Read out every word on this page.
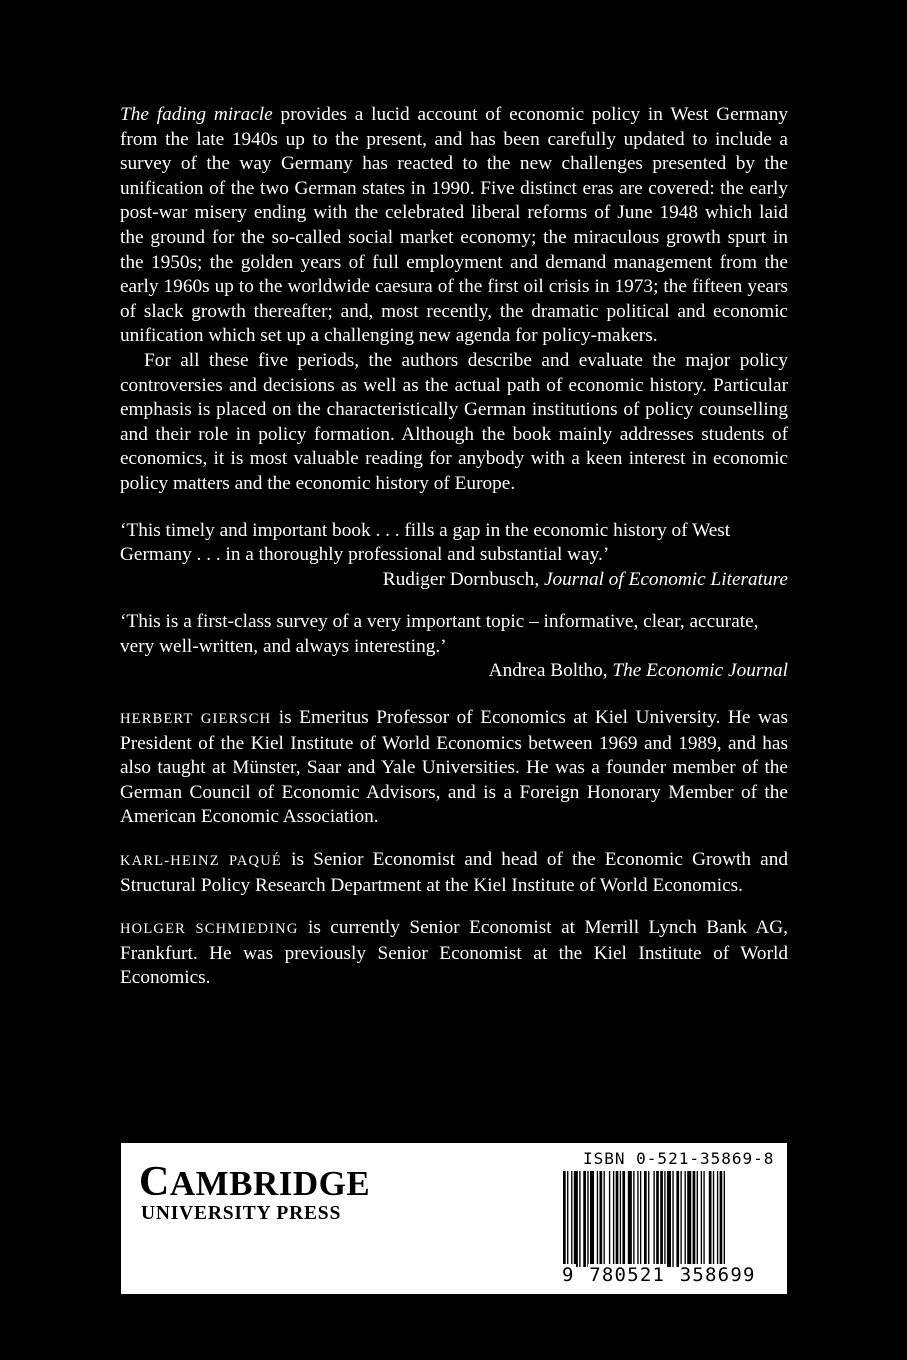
The fading miracle provides a lucid account of economic policy in West Germany from the late 1940s up to the present, and has been carefully updated to include a survey of the way Germany has reacted to the new challenges presented by the unification of the two German states in 1990. Five distinct eras are covered: the early post-war misery ending with the celebrated liberal reforms of June 1948 which laid the ground for the so-called social market economy; the miraculous growth spurt in the 1950s; the golden years of full employment and demand management from the early 1960s up to the worldwide caesura of the first oil crisis in 1973; the fifteen years of slack growth thereafter; and, most recently, the dramatic political and economic unification which set up a challenging new agenda for policy-makers.

For all these five periods, the authors describe and evaluate the major policy controversies and decisions as well as the actual path of economic history. Particular emphasis is placed on the characteristically German institutions of policy counselling and their role in policy formation. Although the book mainly addresses students of economics, it is most valuable reading for anybody with a keen interest in economic policy matters and the economic history of Europe.

‘This timely and important book . . . fills a gap in the economic history of West Germany . . . in a thoroughly professional and substantial way.’

Rudiger Dornbusch, Journal of Economic Literature

‘This is a first-class survey of a very important topic – informative, clear, accurate, very well-written, and always interesting.’

Andrea Boltho, The Economic Journal

HERBERT GIERSCH is Emeritus Professor of Economics at Kiel University. He was President of the Kiel Institute of World Economics between 1969 and 1989, and has also taught at Münster, Saar and Yale Universities. He was a founder member of the German Council of Economic Advisors, and is a Foreign Honorary Member of the American Economic Association.

KARL-HEINZ PAQUÉ is Senior Economist and head of the Economic Growth and Structural Policy Research Department at the Kiel Institute of World Economics.

HOLGER SCHMIEDING is currently Senior Economist at Merrill Lynch Bank AG, Frankfurt. He was previously Senior Economist at the Kiel Institute of World Economics.

CAMBRIDGE
UNIVERSITY PRESS
ISBN 0-521-35869-8
9 780521 358699
